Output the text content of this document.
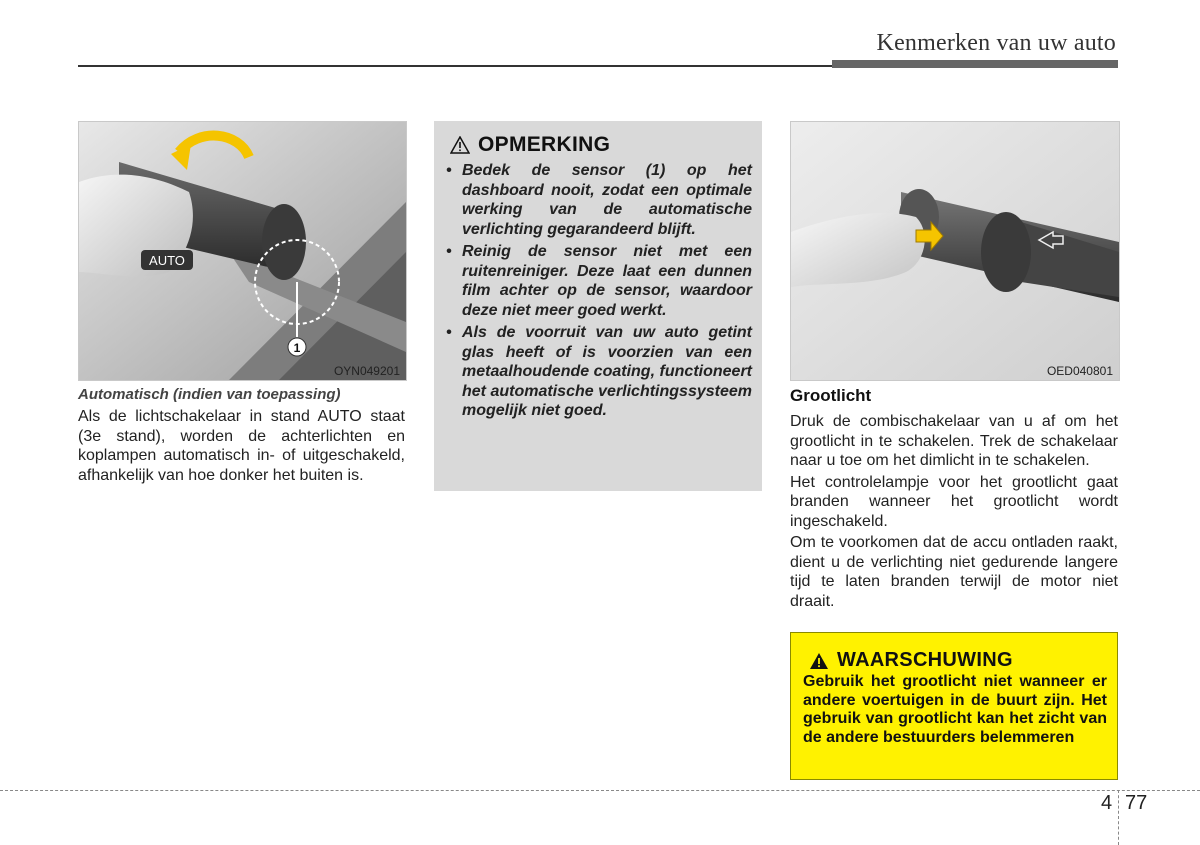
Kenmerken van uw auto
AUTO
1
OYN049201

Automatisch (indien van toepassing)

Als de lichtschakelaar in stand AUTO staat (3e stand), worden de achterlichten en koplampen automatisch in- of uitgeschakeld, afhankelijk van hoe donker het buiten is.

OPMERKING
• Bedek de sensor (1) op het dashboard nooit, zodat een optimale werking van de automatische verlichting gegarandeerd blijft.
• Reinig de sensor niet met een ruitenreiniger. Deze laat een dunnen film achter op de sensor, waardoor deze niet meer goed werkt.
• Als de voorruit van uw auto getint glas heeft of is voorzien van een metaalhoudende coating, functioneert het automatische verlichtingssysteem mogelijk niet goed.
OED040801
Grootlicht

Druk de combischakelaar van u af om het grootlicht in te schakelen. Trek de schakelaar naar u toe om het dimlicht in te schakelen.

Het controlelampje voor het grootlicht gaat branden wanneer het grootlicht wordt ingeschakeld.

Om te voorkomen dat de accu ontladen raakt, dient u de verlichting niet gedurende langere tijd te laten branden terwijl de motor niet draait.

WAARSCHUWING

Gebruik het grootlicht niet wanneer er andere voertuigen in de buurt zijn. Het gebruik van grootlicht kan het zicht van de andere bestuurders belemmeren

4 77
